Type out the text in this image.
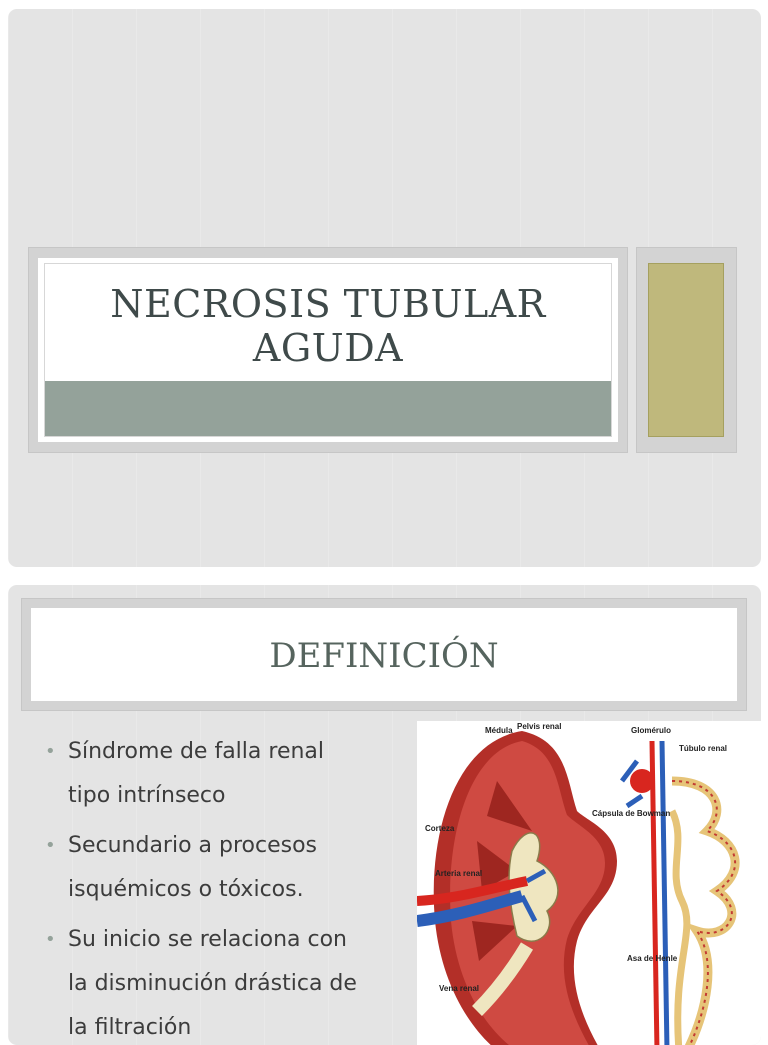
NECROSIS TUBULAR
AGUDA
DEFINICIÓN
• Síndrome de falla renal tipo intrínseco
• Secundario a procesos isquémicos o tóxicos.
• Su inicio se relaciona con la disminución drástica de la filtración
Médula Pelvis renal	Glomérulo
Túbulo renal
Cápsula de Bowman
Corteza
Arteria renal
Asa de Henle
Vena renal
